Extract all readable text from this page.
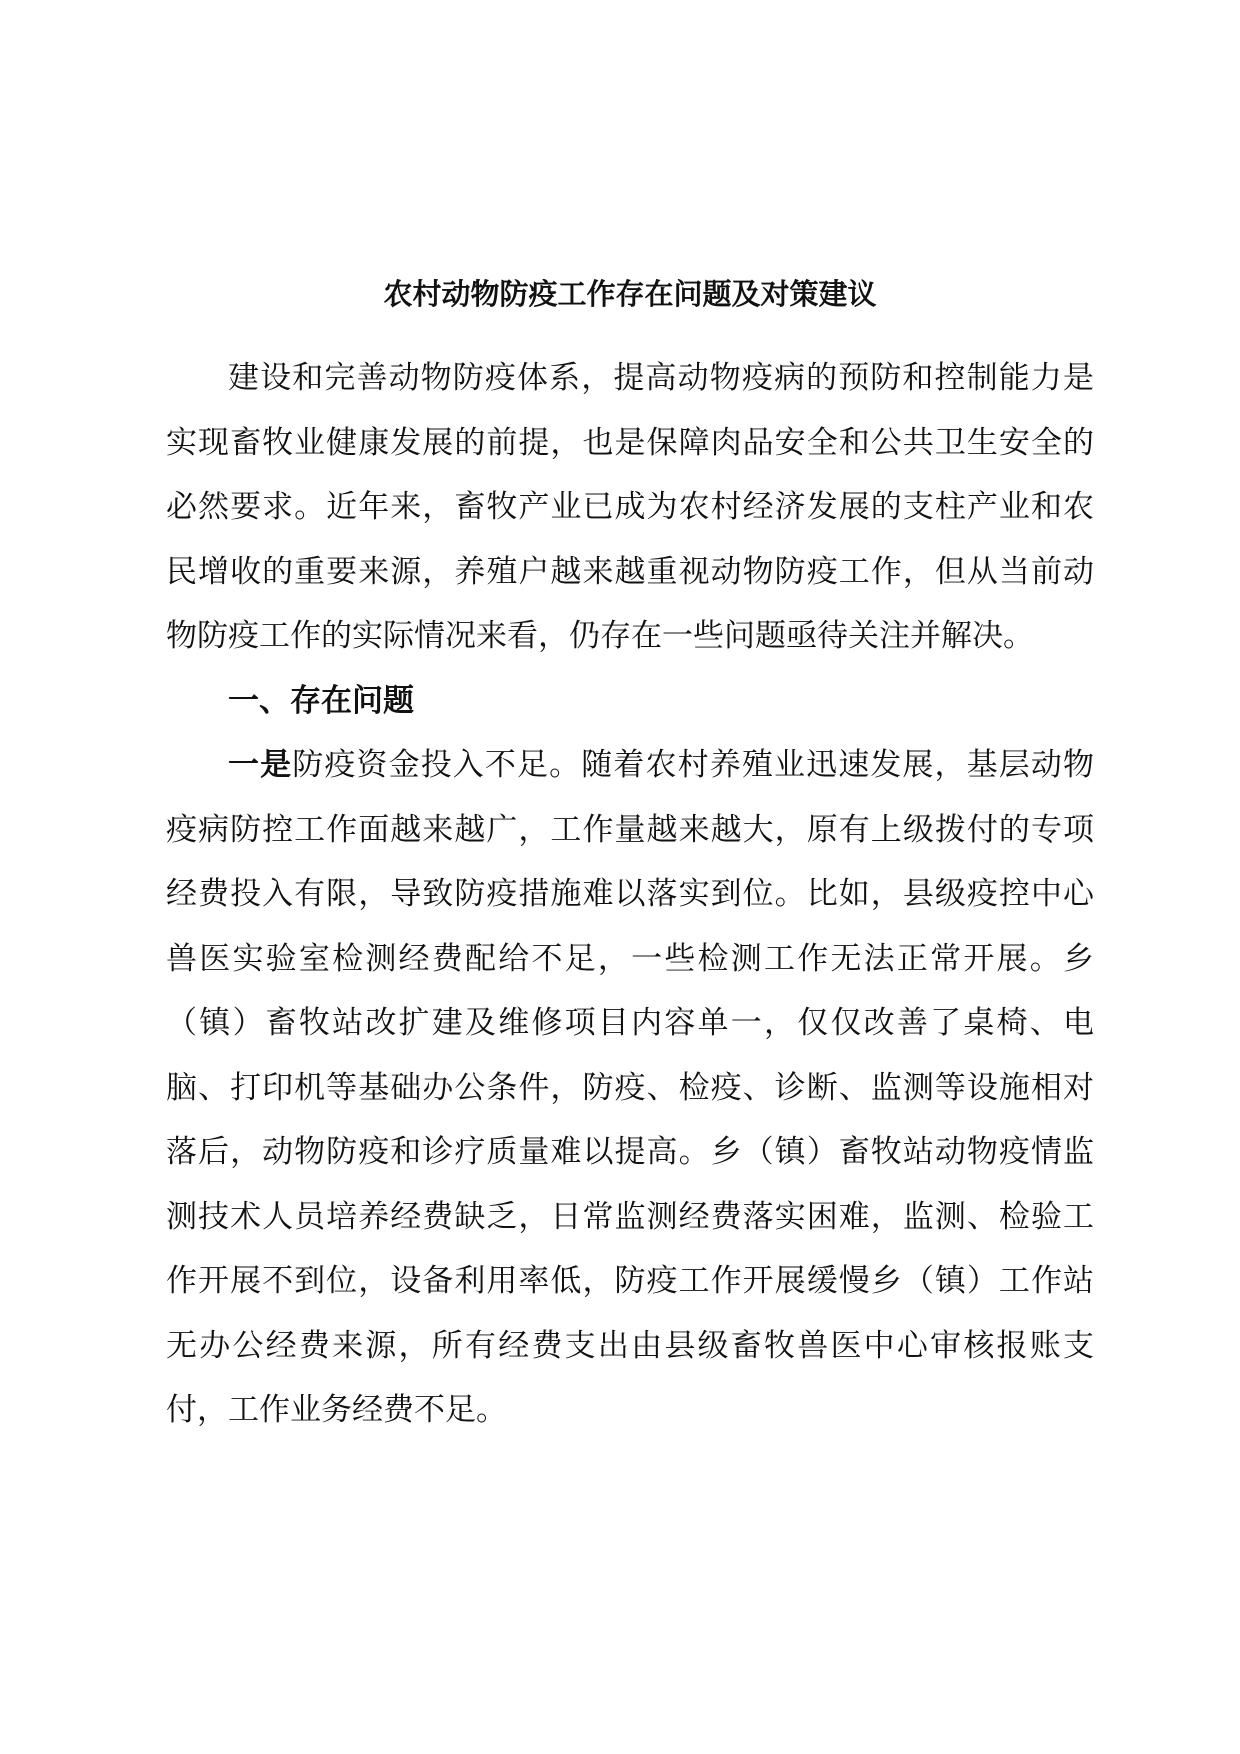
农村动物防疫工作存在问题及对策建议

建设和完善动物防疫体系，提高动物疫病的预防和控制能力是实现畜牧业健康发展的前提，也是保障肉品安全和公共卫生安全的必然要求。近年来，畜牧产业已成为农村经济发展的支柱产业和农民增收的重要来源，养殖户越来越重视动物防疫工作，但从当前动物防疫工作的实际情况来看，仍存在一些问题亟待关注并解决。

一、存在问题

一是防疫资金投入不足。随着农村养殖业迅速发展，基层动物疫病防控工作面越来越广，工作量越来越大，原有上级拨付的专项经费投入有限，导致防疫措施难以落实到位。比如，县级疫控中心兽医实验室检测经费配给不足，一些检测工作无法正常开展。乡（镇）畜牧站改扩建及维修项目内容单一，仅仅改善了桌椅、电脑、打印机等基础办公条件，防疫、检疫、诊断、监测等设施相对落后，动物防疫和诊疗质量难以提高。乡（镇）畜牧站动物疫情监测技术人员培养经费缺乏，日常监测经费落实困难，监测、检验工作开展不到位，设备利用率低，防疫工作开展缓慢乡（镇）工作站无办公经费来源，所有经费支出由县级畜牧兽医中心审核报账支付，工作业务经费不足。
